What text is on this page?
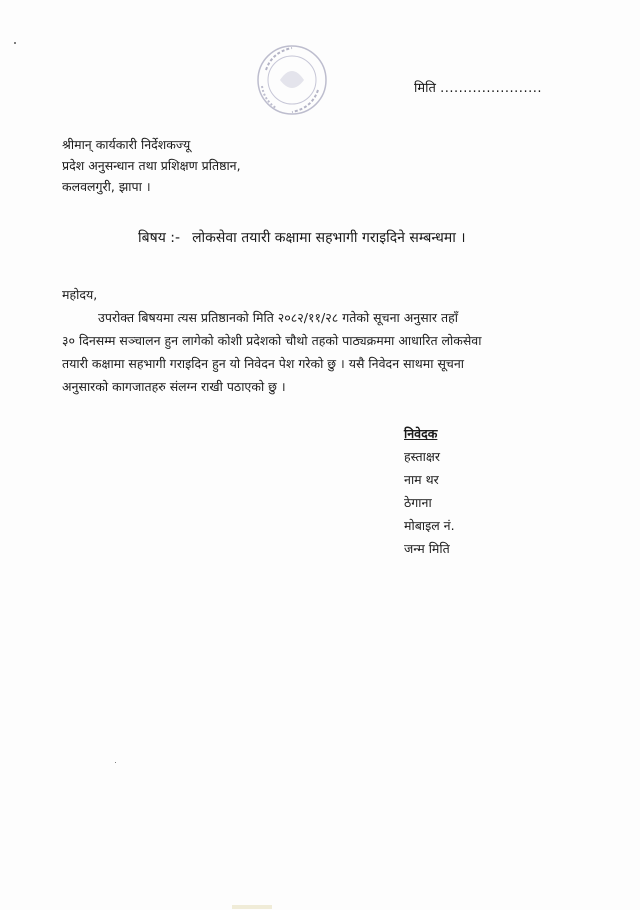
मिति ......................
श्रीमान् कार्यकारी निर्देशकज्यू
प्रदेश अनुसन्धान तथा प्रशिक्षण प्रतिष्ठान,
कलवलगुरी, झापा ।
बिषय :- लोकसेवा तयारी कक्षामा सहभागी गराइदिने सम्बन्धमा ।
महोदय,
उपरोक्त बिषयमा त्यस प्रतिष्ठानको मिति २०८२/११/२८ गतेको सूचना अनुसार तहाँ
३० दिनसम्म सञ्चालन हुन लागेको कोशी प्रदेशको चौथो तहको पाठ्यक्रममा आधारित लोकसेवा
तयारी कक्षामा सहभागी गराइदिन हुन यो निवेदन पेश गरेको छु । यसै निवेदन साथमा सूचना
अनुसारको कागजातहरु संलग्न राखी पठाएको छु ।
निवेदक
हस्ताक्षर
नाम थर
ठेगाना
मोबाइल नं.
जन्म मिति
